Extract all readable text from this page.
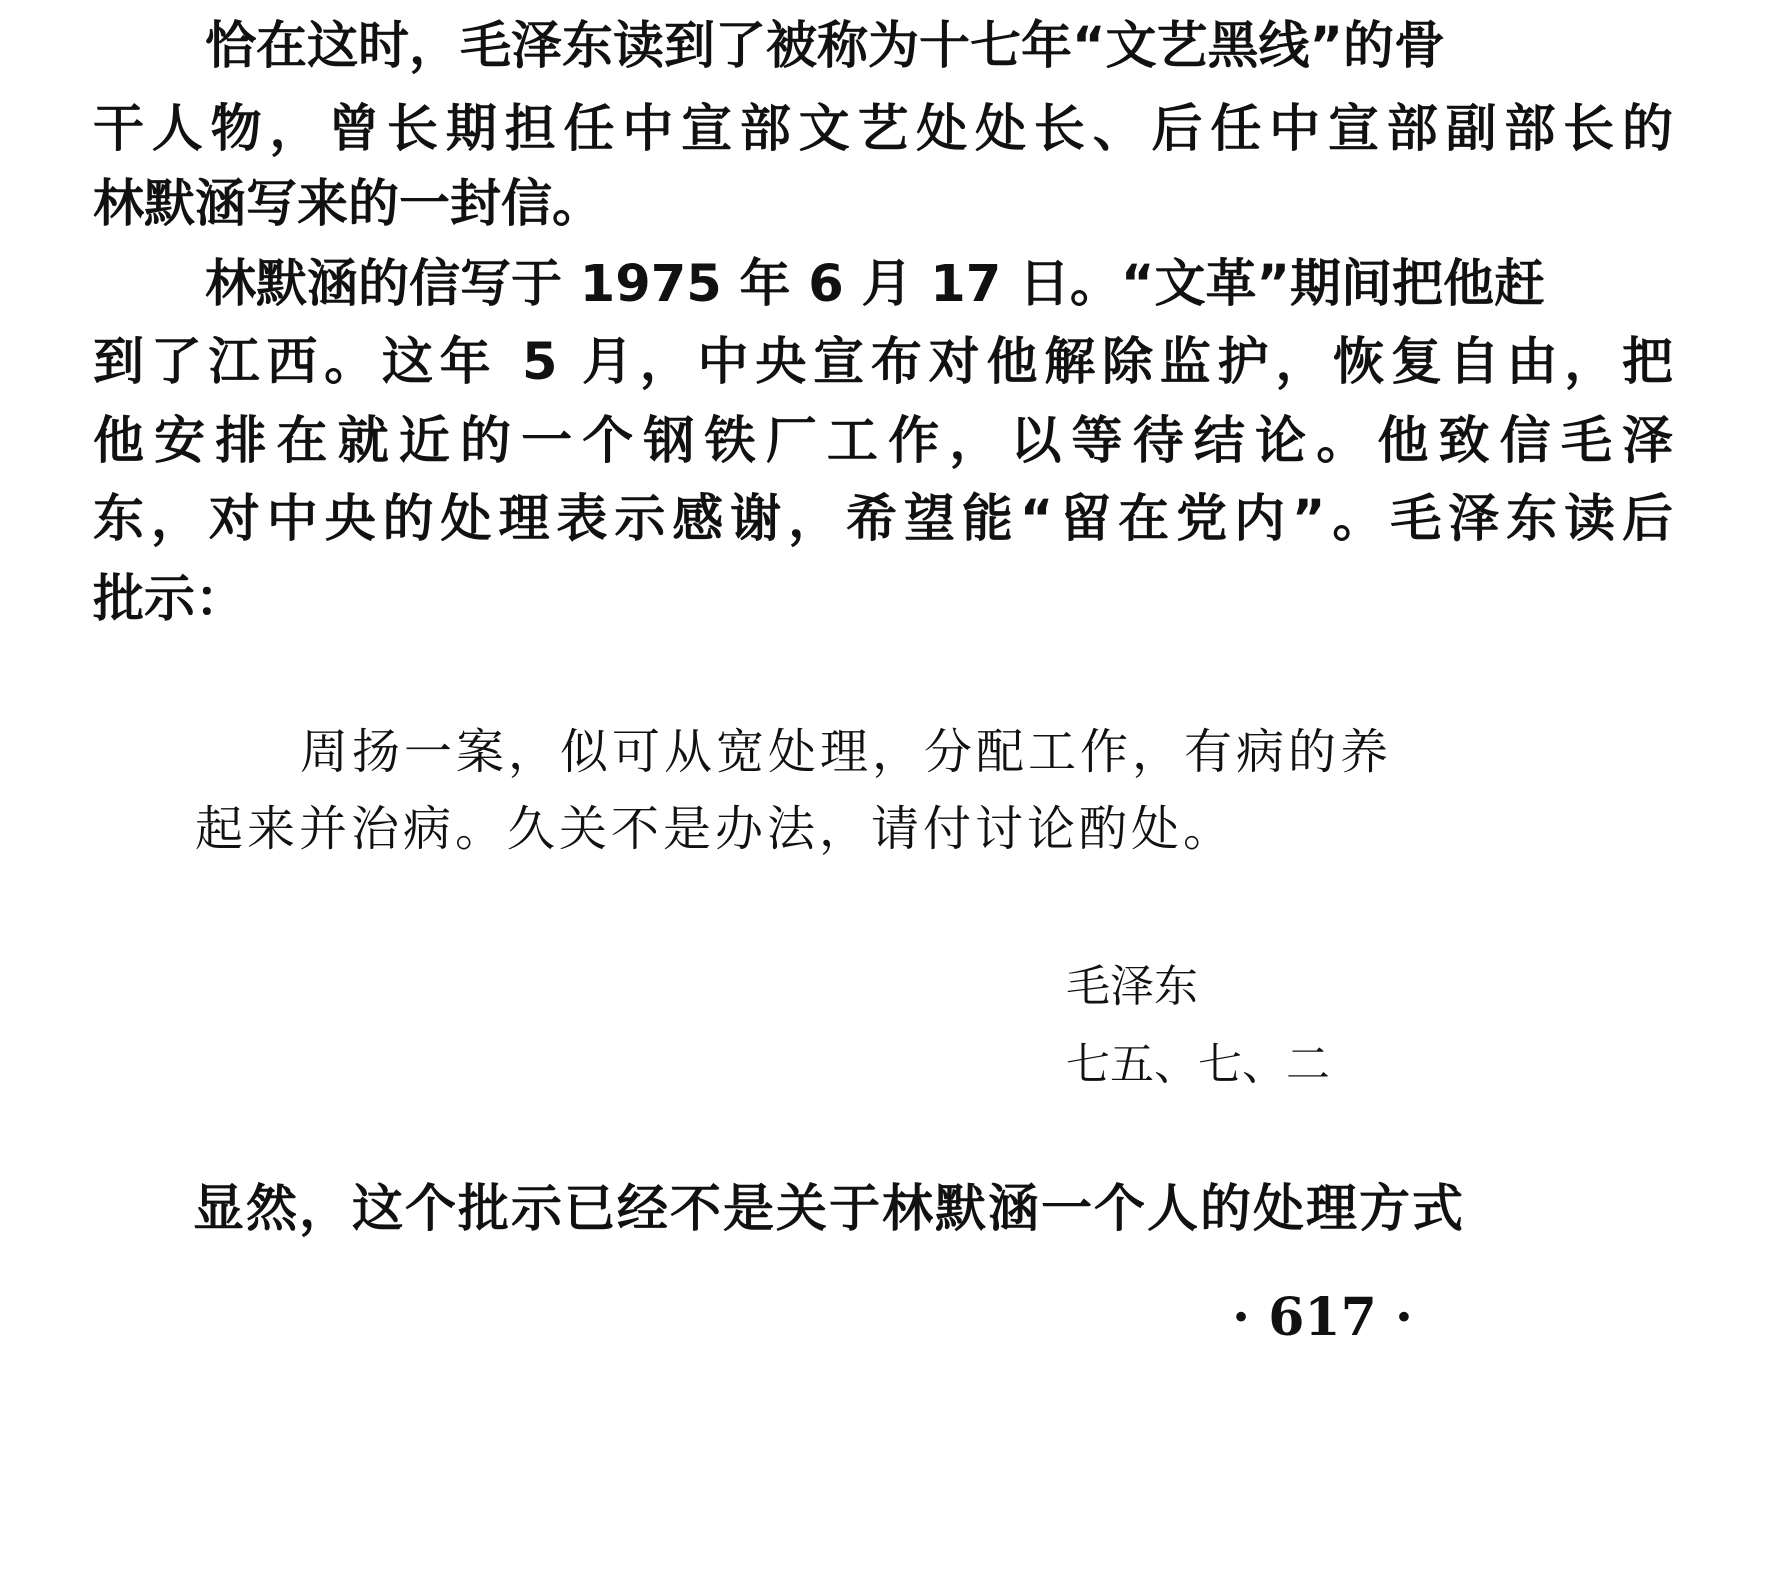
恰在这时，毛泽东读到了被称为十七年“文艺黑线”的骨

干人物，曾长期担任中宣部文艺处处长、后任中宣部副部长的

林默涵写来的一封信。

林默涵的信写于 1975 年 6 月 17 日。“文革”期间把他赶

到了江西。这年 5 月，中央宣布对他解除监护，恢复自由，把

他安排在就近的一个钢铁厂工作，以等待结论。他致信毛泽

东，对中央的处理表示感谢，希望能“留在党内”。毛泽东读后

批示：

周扬一案，似可从宽处理，分配工作，有病的养

起来并治病。久关不是办法，请付讨论酌处。

毛泽东

七五、七、二

显然，这个批示已经不是关于林默涵一个人的处理方式

· 617 ·
